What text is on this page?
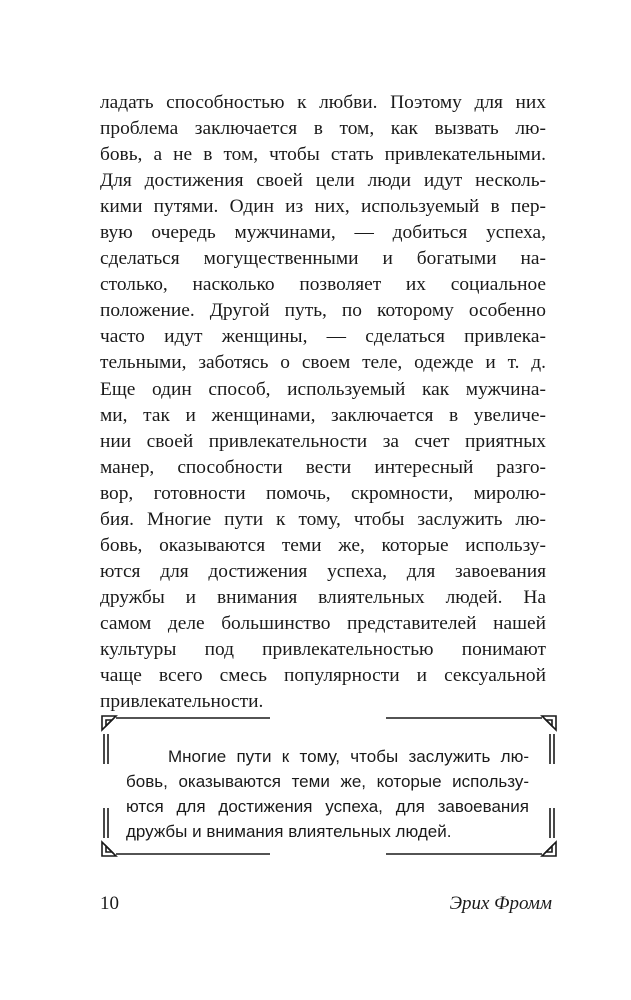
ладать способностью к любви. Поэтому для них
проблема заключается в том, как вызвать лю-
бовь, а не в том, чтобы стать привлекательными.
Для достижения своей цели люди идут несколь-
кими путями. Один из них, используемый в пер-
вую очередь мужчинами, — добиться успеха,
сделаться могущественными и богатыми на-
столько, насколько позволяет их социальное
положение. Другой путь, по которому особенно
часто идут женщины, — сделаться привлека-
тельными, заботясь о своем теле, одежде и т. д.
Еще один способ, используемый как мужчина-
ми, так и женщинами, заключается в увеличе-
нии своей привлекательности за счет приятных
манер, способности вести интересный разго-
вор, готовности помочь, скромности, миролю-
бия. Многие пути к тому, чтобы заслужить лю-
бовь, оказываются теми же, которые использу-
ются для достижения успеха, для завоевания
дружбы и внимания влиятельных людей. На
самом деле большинство представителей нашей
культуры под привлекательностью понимают
чаще всего смесь популярности и сексуальной
привлекательности.
Многие пути к тому, чтобы заслужить лю-
бовь, оказываются теми же, которые использу-
ются для достижения успеха, для завоевания
дружбы и внимания влиятельных людей.
10	Эрих Фромм
